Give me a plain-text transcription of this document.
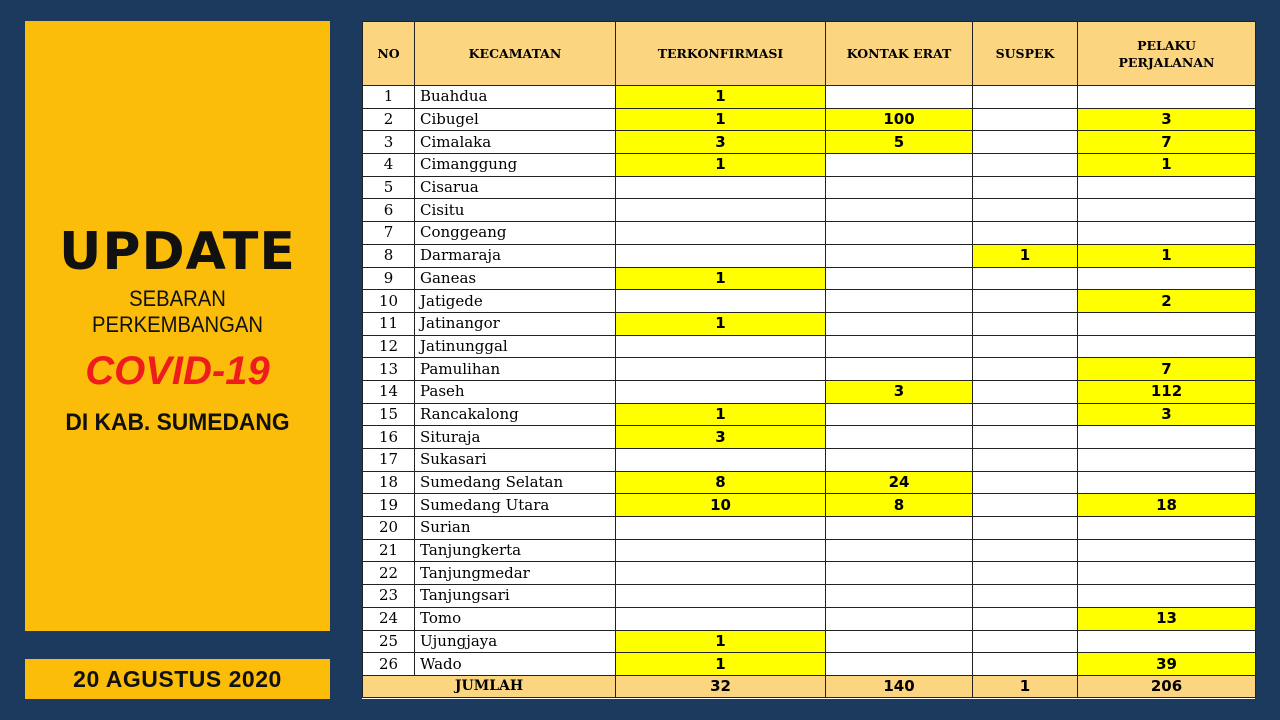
UPDATE
SEBARAN
PERKEMBANGAN
COVID-19
DI KAB. SUMEDANG
20 AGUSTUS 2020
NO	KECAMATAN	TERKONFIRMASI	KONTAK ERAT	SUSPEK	PELAKU PERJALANAN
1	Buahdua	1			
2	Cibugel	1	100		3
3	Cimalaka	3	5		7
4	Cimanggung	1			1
5	Cisarua				
6	Cisitu				
7	Conggeang				
8	Darmaraja			1	1
9	Ganeas	1			
10	Jatigede				2
11	Jatinangor	1			
12	Jatinunggal				
13	Pamulihan				7
14	Paseh		3		112
15	Rancakalong	1			3
16	Situraja	3			
17	Sukasari				
18	Sumedang Selatan	8	24		
19	Sumedang Utara	10	8		18
20	Surian				
21	Tanjungkerta				
22	Tanjungmedar				
23	Tanjungsari				
24	Tomo				13
25	Ujungjaya	1			
26	Wado	1			39
JUMLAH		32	140	1	206
